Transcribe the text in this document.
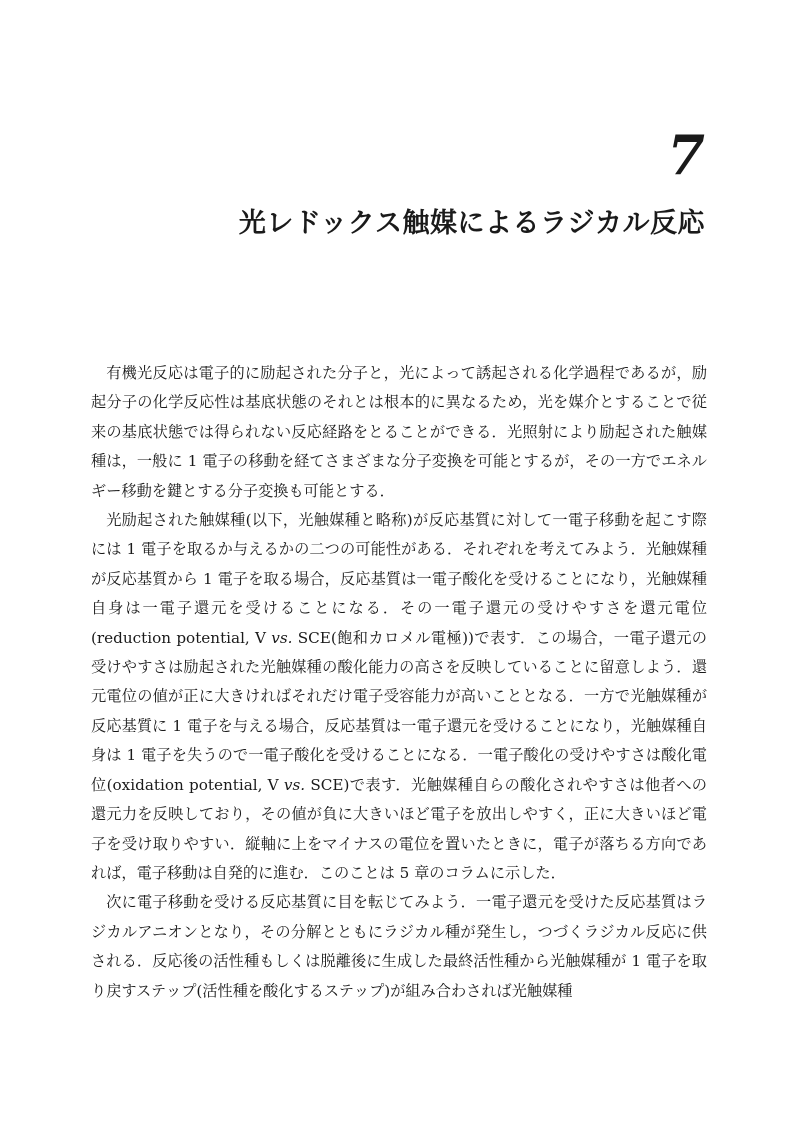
7
光レドックス触媒によるラジカル反応

有機光反応は電子的に励起された分子と，光によって誘起される化学過程であるが，励起分子の化学反応性は基底状態のそれとは根本的に異なるため，光を媒介とすることで従来の基底状態では得られない反応経路をとることができる．光照射により励起された触媒種は，一般に 1 電子の移動を経てさまざまな分子変換を可能とするが，その一方でエネルギー移動を鍵とする分子変換も可能とする．

光励起された触媒種(以下，光触媒種と略称)が反応基質に対して一電子移動を起こす際には 1 電子を取るか与えるかの二つの可能性がある．それぞれを考えてみよう．光触媒種が反応基質から 1 電子を取る場合，反応基質は一電子酸化を受けることになり，光触媒種自身は一電子還元を受けることになる．その一電子還元の受けやすさを還元電位(reduction potential, V vs. SCE(飽和カロメル電極))で表す．この場合，一電子還元の受けやすさは励起された光触媒種の酸化能力の高さを反映していることに留意しよう．還元電位の値が正に大きければそれだけ電子受容能力が高いこととなる．一方で光触媒種が反応基質に 1 電子を与える場合，反応基質は一電子還元を受けることになり，光触媒種自身は 1 電子を失うので一電子酸化を受けることになる．一電子酸化の受けやすさは酸化電位(oxidation potential, V vs. SCE)で表す．光触媒種自らの酸化されやすさは他者への還元力を反映しており，その値が負に大きいほど電子を放出しやすく，正に大きいほど電子を受け取りやすい．縦軸に上をマイナスの電位を置いたときに，電子が落ちる方向であれば，電子移動は自発的に進む．このことは 5 章のコラムに示した．

次に電子移動を受ける反応基質に目を転じてみよう．一電子還元を受けた反応基質はラジカルアニオンとなり，その分解とともにラジカル種が発生し，つづくラジカル反応に供される．反応後の活性種もしくは脱離後に生成した最終活性種から光触媒種が 1 電子を取り戻すステップ(活性種を酸化するステップ)が組み合わされば光触媒種
